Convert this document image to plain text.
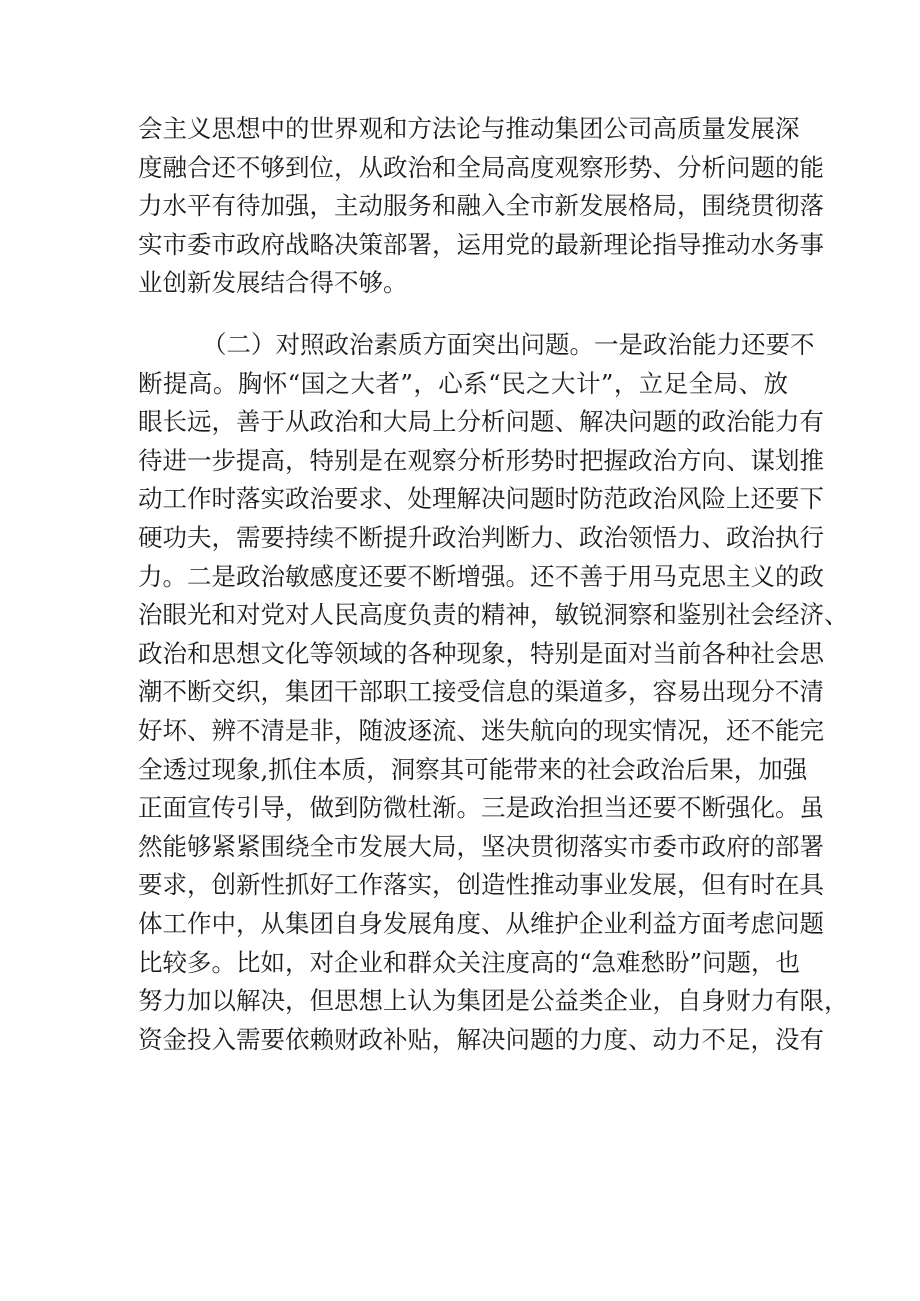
会主义思想中的世界观和方法论与推动集团公司高质量发展深
度融合还不够到位，从政治和全局高度观察形势、分析问题的能
力水平有待加强，主动服务和融入全市新发展格局，围绕贯彻落
实市委市政府战略决策部署，运用党的最新理论指导推动水务事
业创新发展结合得不够。
（二）对照政治素质方面突出问题。一是政治能力还要不
断提高。胸怀“国之大者”，心系“民之大计”，立足全局、放
眼长远，善于从政治和大局上分析问题、解决问题的政治能力有
待进一步提高，特别是在观察分析形势时把握政治方向、谋划推
动工作时落实政治要求、处理解决问题时防范政治风险上还要下
硬功夫，需要持续不断提升政治判断力、政治领悟力、政治执行
力。二是政治敏感度还要不断增强。还不善于用马克思主义的政
治眼光和对党对人民高度负责的精神，敏锐洞察和鉴别社会经济、
政治和思想文化等领域的各种现象，特别是面对当前各种社会思
潮不断交织，集团干部职工接受信息的渠道多，容易出现分不清
好坏、辨不清是非，随波逐流、迷失航向的现实情况，还不能完
全透过现象,抓住本质，洞察其可能带来的社会政治后果，加强
正面宣传引导，做到防微杜渐。三是政治担当还要不断强化。虽
然能够紧紧围绕全市发展大局，坚决贯彻落实市委市政府的部署
要求，创新性抓好工作落实，创造性推动事业发展，但有时在具
体工作中，从集团自身发展角度、从维护企业利益方面考虑问题
比较多。比如，对企业和群众关注度高的“急难愁盼”问题，也
努力加以解决，但思想上认为集团是公益类企业，自身财力有限，
资金投入需要依赖财政补贴，解决问题的力度、动力不足，没有
